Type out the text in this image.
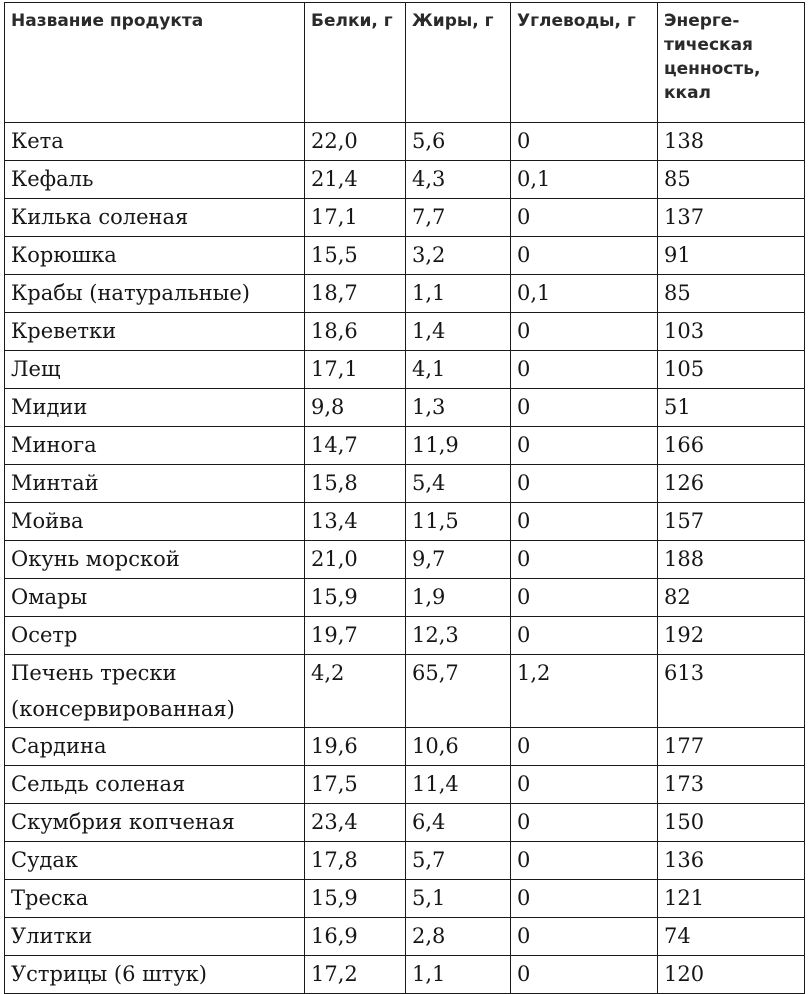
Название продукта	Белки, г	Жиры, г	Углеводы, г	Энерге-тическая ценность, ккал
Кета	22,0	5,6	0	138
Кефаль	21,4	4,3	0,1	85
Килька соленая	17,1	7,7	0	137
Корюшка	15,5	3,2	0	91
Крабы (натуральные)	18,7	1,1	0,1	85
Креветки	18,6	1,4	0	103
Лещ	17,1	4,1	0	105
Мидии	9,8	1,3	0	51
Минога	14,7	11,9	0	166
Минтай	15,8	5,4	0	126
Мойва	13,4	11,5	0	157
Окунь морской	21,0	9,7	0	188
Омары	15,9	1,9	0	82
Осетр	19,7	12,3	0	192
Печень трески (консервированная)	4,2	65,7	1,2	613
Сардина	19,6	10,6	0	177
Сельдь соленая	17,5	11,4	0	173
Скумбрия копченая	23,4	6,4	0	150
Судак	17,8	5,7	0	136
Треска	15,9	5,1	0	121
Улитки	16,9	2,8	0	74
Устрицы (6 штук)	17,2	1,1	0	120
